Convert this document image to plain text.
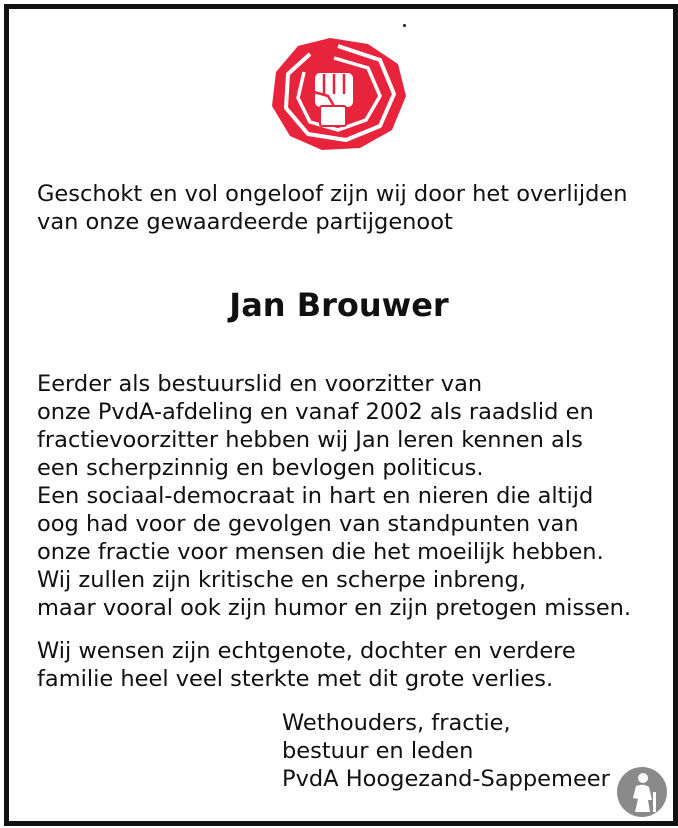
Geschokt en vol ongeloof zijn wij door het overlijden
van onze gewaardeerde partijgenoot
Jan Brouwer
Eerder als bestuurslid en voorzitter van
onze PvdA-afdeling en vanaf 2002 als raadslid en
fractievoorzitter hebben wij Jan leren kennen als
een scherpzinnig en bevlogen politicus.
Een sociaal-democraat in hart en nieren die altijd
oog had voor de gevolgen van standpunten van
onze fractie voor mensen die het moeilijk hebben.
Wij zullen zijn kritische en scherpe inbreng,
maar vooral ook zijn humor en zijn pretogen missen.
Wij wensen zijn echtgenote, dochter en verdere
familie heel veel sterkte met dit grote verlies.
Wethouders, fractie,
bestuur en leden
PvdA Hoogezand-Sappemeer
